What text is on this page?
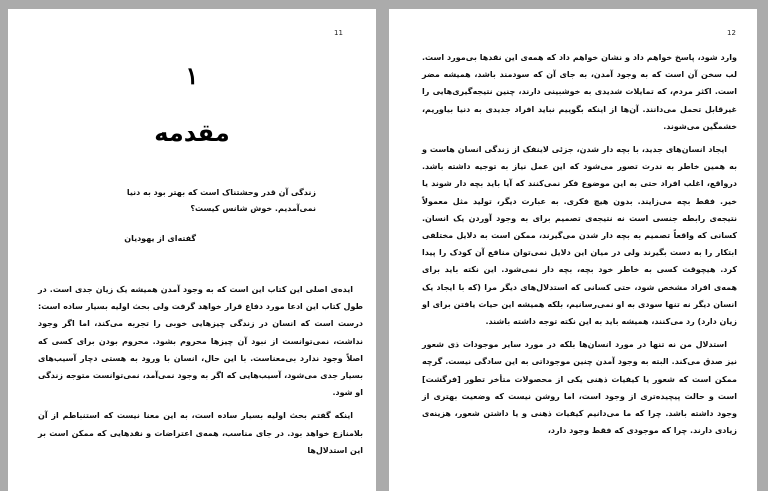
11
١
مقدمه
زندگی آن قدر وحشتناک است که بهتر بود به دنیا نمی‌آمدیم. خوش شانس کیست؟
گفته‌ای از یهودیان

ایده‌ی اصلی این کتاب این است که به وجود آمدن همیشه یک زیان جدی است. در طول کتاب این ادعا مورد دفاع قرار خواهد گرفت ولی بحث اولیه بسیار ساده است: درست است که انسان در زندگی چیزهایی خوبی را تجربه می‌کند، اما اگر وجود نداشت، نمی‌توانست از نبود آن چیزها محروم بشود. محروم بودن برای کسی که اصلاً وجود ندارد بی‌معناست. با این حال، انسان با ورود به هستی دچار آسیب‌های بسیار جدی می‌شود، آسیب‌هایی که اگر به وجود نمی‌آمد، نمی‌توانست متوجه زندگی او شود.

اینکه گفتم بحث اولیه بسیار ساده است، به این معنا نیست که استنباطم از آن بلامنازع خواهد بود. در جای مناسب، همه‌ی اعتراضات و نقدهایی که ممکن است بر این استدلال‌ها

12

وارد شود، پاسخ خواهم داد و نشان خواهم داد که همه‌ی این نقدها بی‌مورد است. لب سخن آن است که به وجود آمدن، به جای آن که سودمند باشد، همیشه مضر است. اکثر مردم، که تمایلات شدیدی به خوشبینی دارند، چنین نتیجه‌گیری‌هایی را غیرقابل تحمل می‌دانند. آن‌ها از اینکه بگوییم نباید افراد جدیدی به دنیا بیاوریم، خشمگین می‌شوند.

ایجاد انسان‌های جدید، با بچه دار شدن، جزئی لاینفک از زندگی انسان هاست و به همین خاطر به ندرت تصور می‌شود که این عمل نیاز به توجیه داشته باشد. درواقع، اغلب افراد حتی به این موضوع فکر نمی‌کنند که آیا باید بچه دار شوند یا خیر. فقط بچه می‌زایند. بدون هیچ فکری. به عبارت دیگر، تولید مثل معمولاً نتیجه‌ی رابطه جنسی است نه نتیجه‌ی تصمیم برای به وجود آوردن یک انسان. کسانی که واقعاً تصمیم به بچه دار شدن می‌گیرند، ممکن است به دلایل مختلفی ابتکار را به دست بگیرند ولی در میان این دلایل نمی‌توان منافع آن کودک را پیدا کرد. هیچوقت کسی به خاطر خود بچه، بچه دار نمی‌شود. این نکته باید برای همه‌ی افراد مشخص شود، حتی کسانی که استدلال‌های دیگر مرا (که با ایجاد یک انسان دیگر نه تنها سودی به او نمی‌رسانیم، بلکه همیشه این حیات یافتن برای او زیان دارد) رد می‌کنند، همیشه باید به این نکته توجه داشته باشند.

استدلال من نه تنها در مورد انسان‌ها بلکه در مورد سایر موجودات ذی شعور نیز صدق می‌کند. البته به وجود آمدن چنین موجوداتی به این سادگی نیست. گرچه ممکن است که شعور یا کیفیات ذهنی یکی از محصولات متأخر تطور [فرگشت] است و حالت پیچیده‌تری از وجود است، اما روشن نیست که وضعیت بهتری از وجود داشته باشد. چرا که ما می‌دانیم کیفیات ذهنی و یا داشتن شعور، هزینه‌ی زیادی دارند. چرا که موجودی که فقط وجود دارد،
